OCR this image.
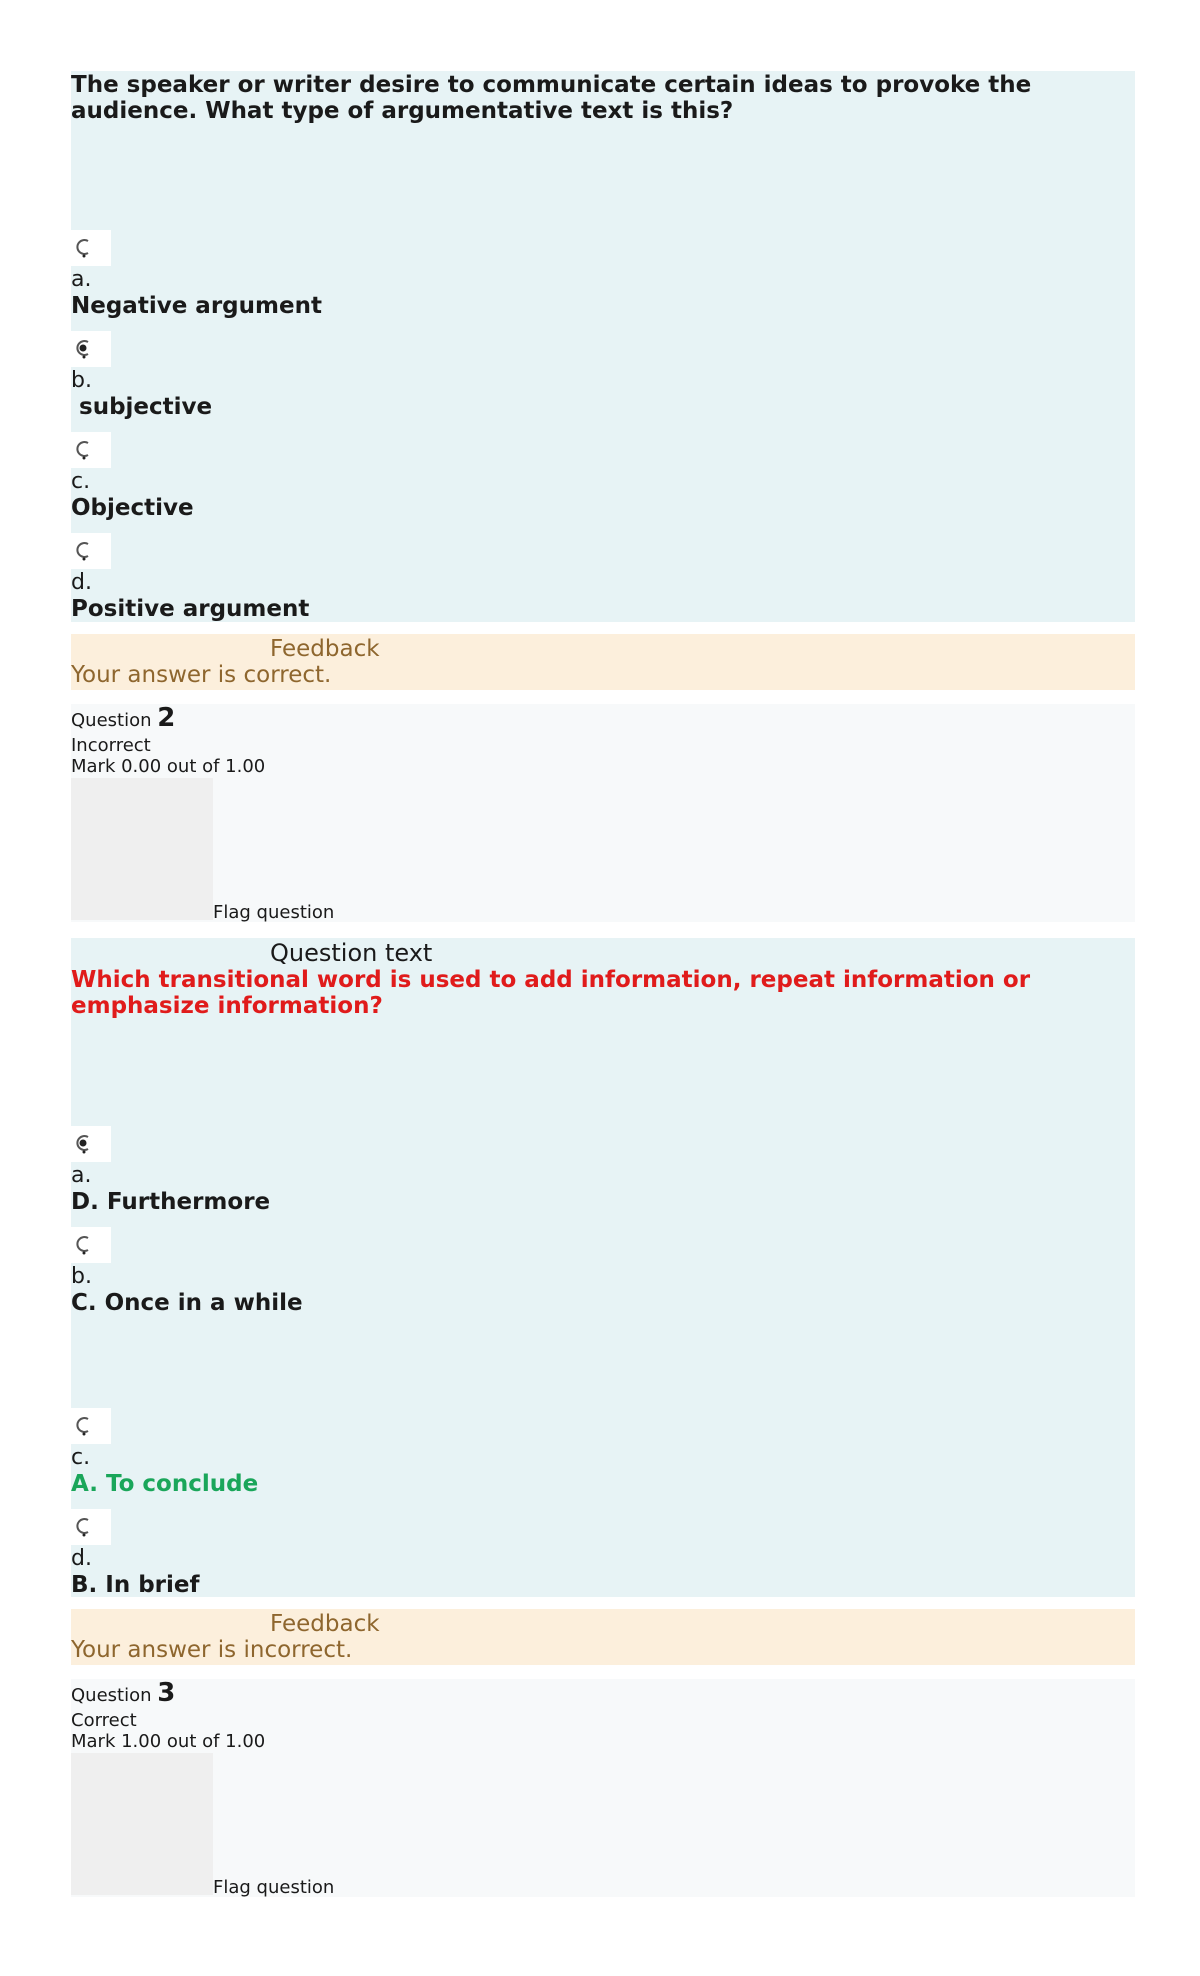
The speaker or writer desire to communicate certain ideas to provoke the audience. What type of argumentative text is this?
a.
Negative argument
b.
subjective
c.
Objective
d.
Positive argument
Feedback
Your answer is correct.
Question 2
Incorrect
Mark 0.00 out of 1.00
Flag question
Question text
Which transitional word is used to add information, repeat information or emphasize information?
a.
D. Furthermore
b.
C. Once in a while
c.
A. To conclude
d.
B. In brief
Feedback
Your answer is incorrect.
Question 3
Correct
Mark 1.00 out of 1.00
Flag question
